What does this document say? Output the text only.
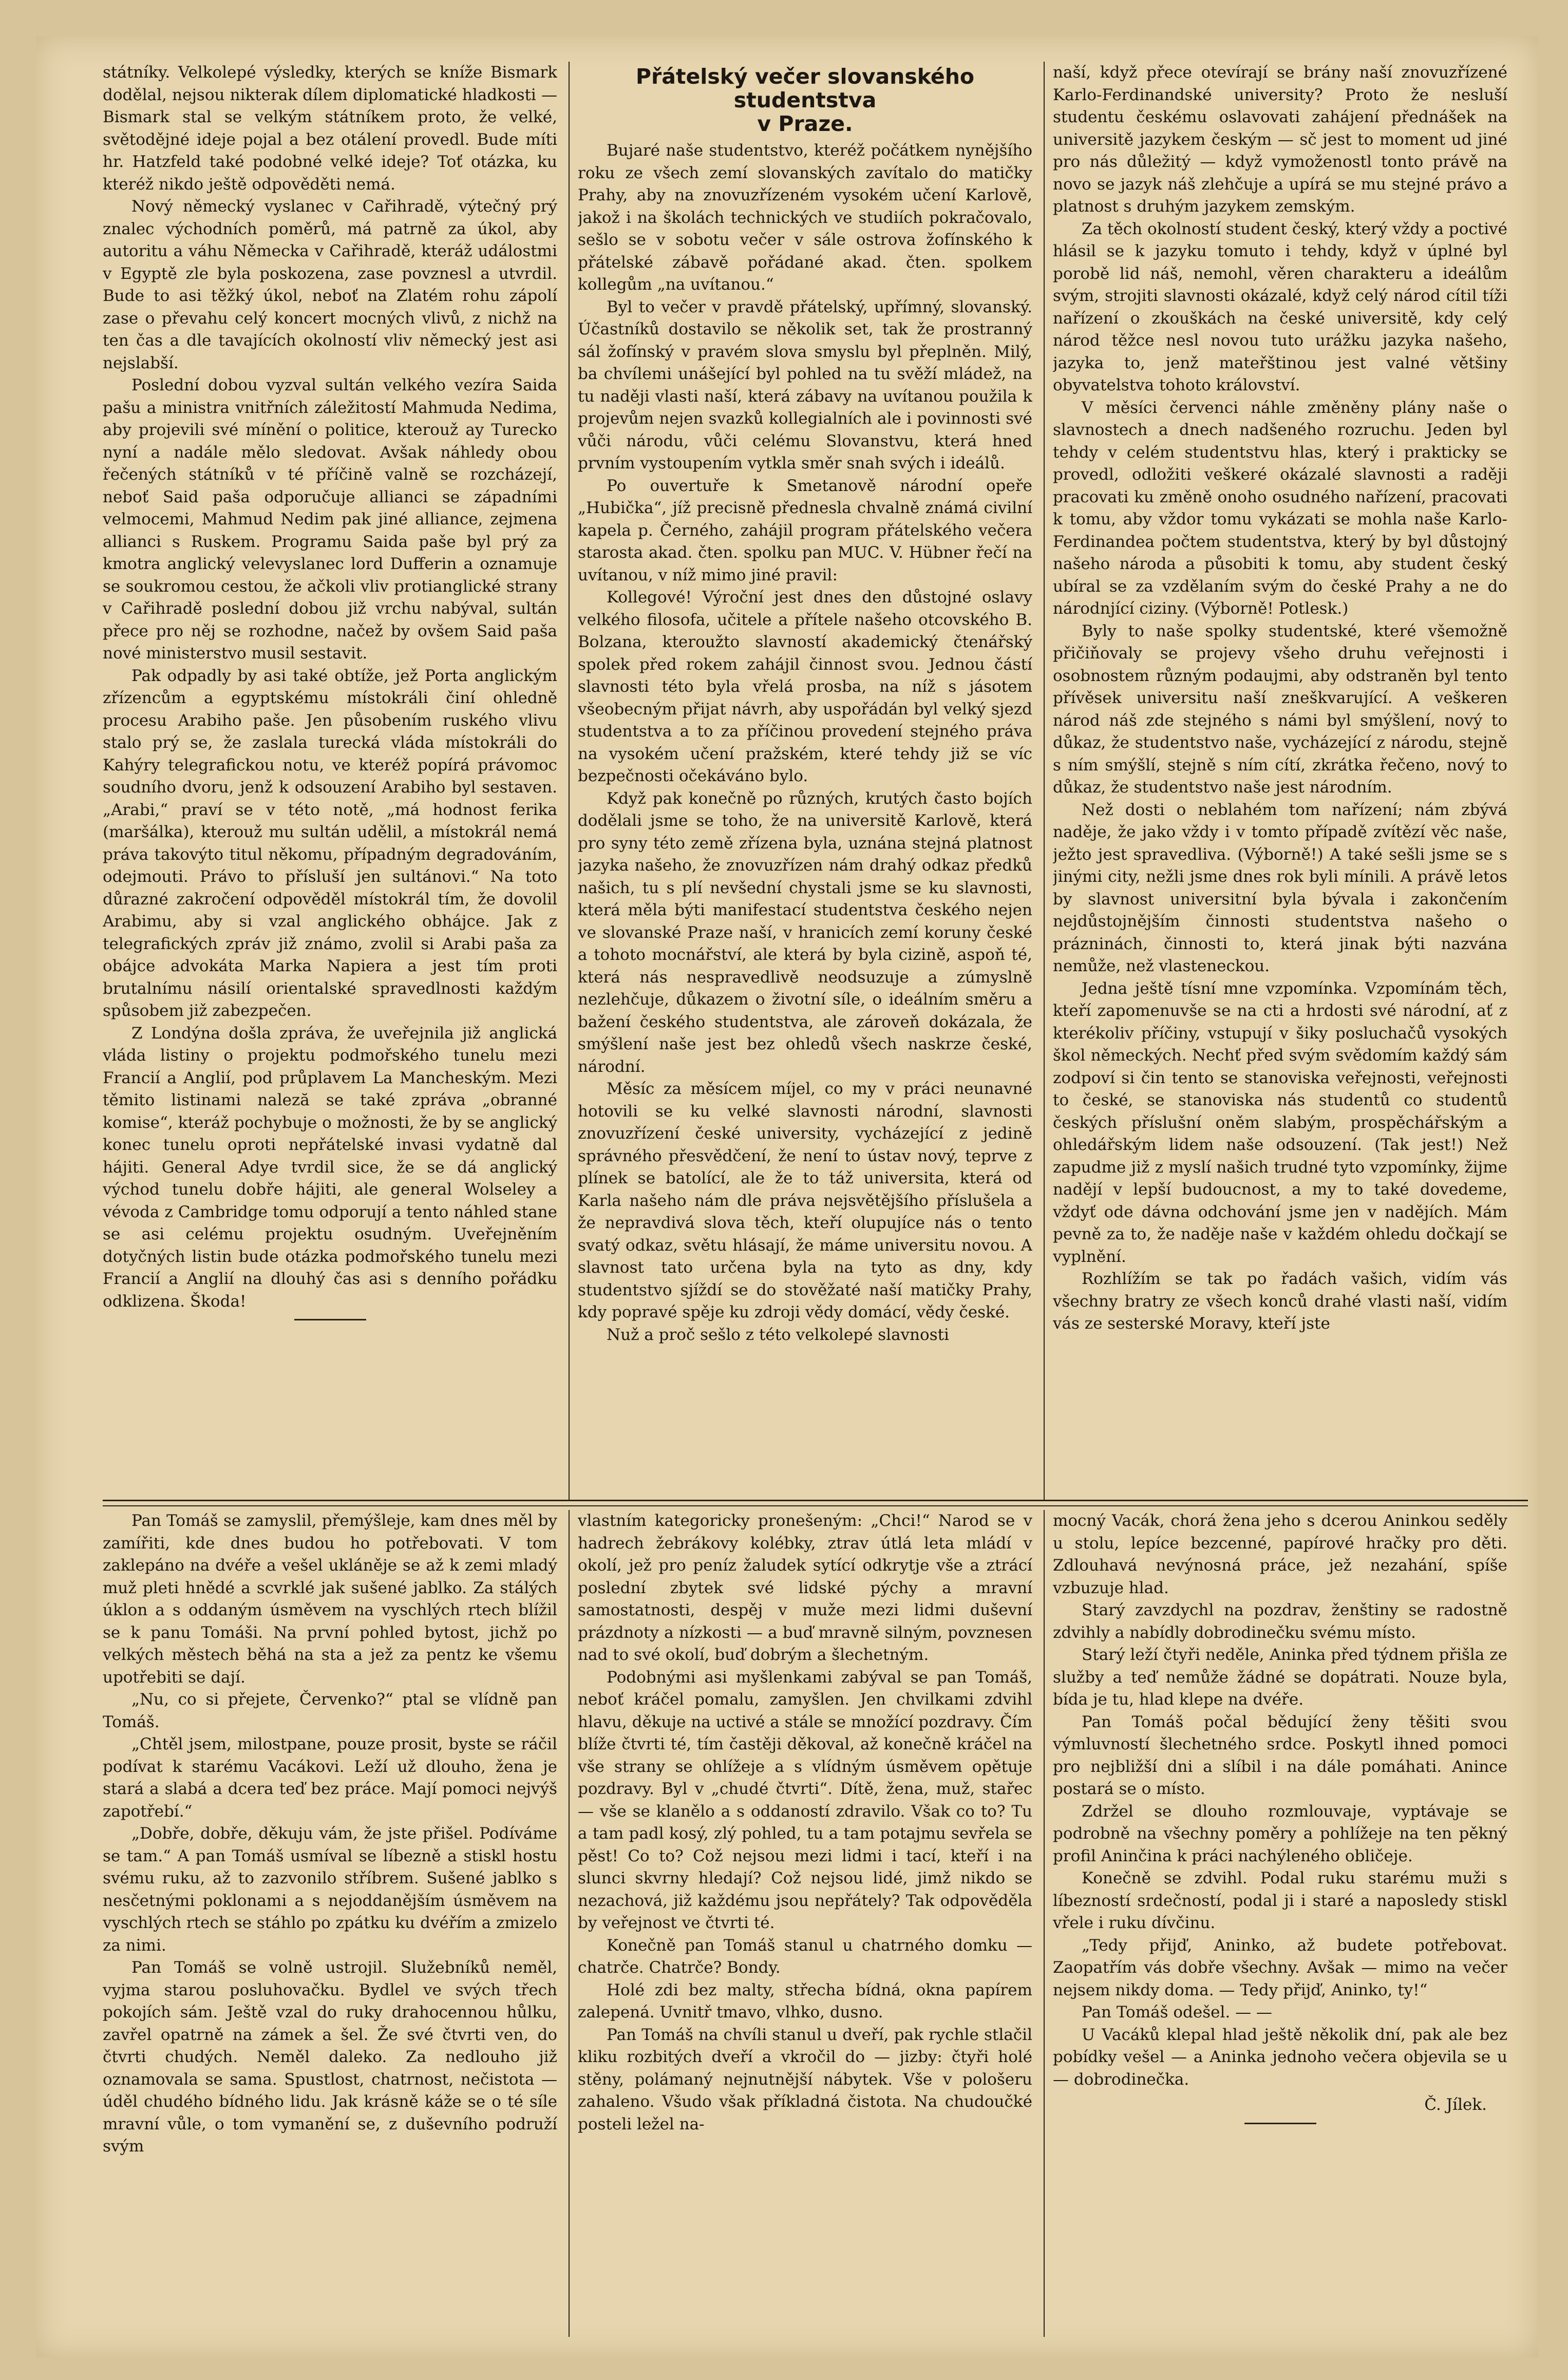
státníky. Velkolepé výsledky, kterých se kníže Bismark dodělal, nejsou nikterak dílem diplomatické hladkosti — Bismark stal se velkým státníkem proto, že velké, světodějné ideje pojal a bez otálení provedl. Bude míti hr. Hatzfeld také podobné velké ideje? Toť otázka, ku kteréž nikdo ještě odpověděti nemá.

Nový německý vyslanec v Cařihradě, výtečný prý znalec východních poměrů, má patrně za úkol, aby autoritu a váhu Německa v Cařihradě, kteráž událostmi v Egyptě zle byla poskozena, zase povznesl a utvrdil. Bude to asi těžký úkol, neboť na Zlatém rohu zápolí zase o převahu celý koncert mocných vlivů, z nichž na ten čas a dle tavajících okolností vliv německý jest asi nejslabší.

Poslední dobou vyzval sultán velkého vezíra Saida pašu a ministra vnitřních záležitostí Mahmuda Nedima, aby projevili své mínění o politice, kterouž ay Turecko nyní a nadále mělo sledovat. Avšak náhledy obou řečených státníků v té příčině valně se rozcházejí, neboť Said paša odporučuje allianci se západními velmocemi, Mahmud Nedim pak jiné alliance, zejmena allianci s Ruskem. Programu Saida paše byl prý za kmotra anglický velevyslanec lord Dufferin a oznamuje se soukromou cestou, že ačkoli vliv protianglické strany v Cařihradě poslední dobou již vrchu nabýval, sultán přece pro něj se rozhodne, načež by ovšem Said paša nové ministerstvo musil sestavit.

Pak odpadly by asi také obtíže, jež Porta anglickým zřízencům a egyptskému místokráli činí ohledně procesu Arabiho paše. Jen působením ruského vlivu stalo prý se, že zaslala turecká vláda místokráli do Kahýry telegrafickou notu, ve kteréž popírá právomoc soudního dvoru, jenž k odsouzení Arabiho byl sestaven. „Arabi,“ praví se v této notě, „má hodnost ferika (maršálka), kterouž mu sultán udělil, a místokrál nemá práva takovýto titul někomu, případným degradováním, odejmouti. Právo to přísluší jen sultánovi.“ Na toto důrazné zakročení odpověděl místokrál tím, že dovolil Arabimu, aby si vzal anglického obhájce. Jak z telegrafických zpráv již známo, zvolil si Arabi paša za obájce advokáta Marka Napiera a jest tím proti brutalnímu násilí orientalské spravedlnosti každým spůsobem již zabezpečen.

Z Londýna došla zpráva, že uveřejnila již anglická vláda listiny o projektu podmořského tunelu mezi Francií a Anglií, pod průplavem La Mancheským. Mezi těmito listinami naleză se také zpráva „obranné komise“, kteráž pochybuje o možnosti, že by se anglický konec tunelu oproti nepřátelské invasi vydatně dal hájiti. General Adye tvrdil sice, že se dá anglický východ tunelu dobře hájiti, ale general Wolseley a vévoda z Cambridge tomu odporují a tento náhled stane se asi celému projektu osudným. Uveřejněním dotyčných listin bude otázka podmořského tunelu mezi Francií a Anglií na dlouhý čas asi s denního pořádku odklizena. Škoda!

Přátelský večer slovanského studentstva
v Praze.

Bujaré naše studentstvo, kteréž počátkem nynějšího roku ze všech zemí slovanských zavítalo do matičky Prahy, aby na znovuzřízeném vysokém učení Karlově, jakož i na školách technických ve studiích pokračovalo, sešlo se v sobotu večer v sále ostrova žofínského k přátelské zábavě pořádané akad. čten. spolkem kollegům „na uvítanou.“

Byl to večer v pravdě přátelský, upřímný, slovanský. Účastníků dostavilo se několik set, tak že prostranný sál žofínský v pravém slova smyslu byl přeplněn. Milý, ba chvílemi unášející byl pohled na tu svěží mládež, na tu naději vlasti naší, která zábavy na uvítanou použila k projevům nejen svazků kollegialních ale i povinnosti své vůči národu, vůči celému Slovanstvu, která hned prvním vystoupením vytkla směr snah svých i ideálů.

Po ouvertuře k Smetanově národní opeře „Hubička“, jíž precisně přednesla chvalně známá civilní kapela p. Černého, zahájil program přátelského večera starosta akad. čten. spolku pan MUC. V. Hübner řečí na uvítanou, v níž mimo jiné pravil:

Kollegové! Výroční jest dnes den důstojné oslavy velkého filosofa, učitele a přítele našeho otcovského B. Bolzana, kteroužto slavností akademický čtenářský spolek před rokem zahájil činnost svou. Jednou částí slavnosti této byla vřelá prosba, na níž s jásotem všeobecným přijat návrh, aby uspořádán byl velký sjezd studentstva a to za příčinou provedení stejného práva na vysokém učení pražském, které tehdy již se víc bezpečnosti očekáváno bylo.

Když pak konečně po různých, krutých často bojích dodělali jsme se toho, že na universitě Karlově, která pro syny této země zřízena byla, uznána stejná platnost jazyka našeho, že znovuzřízen nám drahý odkaz předků našich, tu s plí nevšední chystali jsme se ku slavnosti, která měla býti manifestací studentstva českého nejen ve slovanské Praze naší, v hranicích zemí koruny české a tohoto mocnářství, ale která by byla cizině, aspoň té, která nás nespravedlivě neodsuzuje a zúmyslně nezlehčuje, důkazem o životní síle, o ideálním směru a bažení českého studentstva, ale zároveň dokázala, že smýšlení naše jest bez ohledů všech naskrze české, národní.

Měsíc za měsícem míjel, co my v práci neunavné hotovili se ku velké slavnosti národní, slavnosti znovuzřízení české university, vycházející z jedině správného přesvědčení, že není to ústav nový, teprve z plínek se batolící, ale že to táž universita, která od Karla našeho nám dle práva nejsvětějšího příslušela a že nepravdivá slova těch, kteří olupujíce nás o tento svatý odkaz, světu hlásají, že máme universitu novou. A slavnost tato určena byla na tyto as dny, kdy studentstvo sjíždí se do stověžaté naší matičky Prahy, kdy popravé spěje ku zdroji vědy domácí, vědy české.

Nuž a proč sešlo z této velkolepé slavnosti

naší, když přece otevírají se brány naší znovuzřízené Karlo-Ferdinandské university? Proto že nesluší studentu českému oslavovati zahájení přednášek na universitě jazykem českým — sč jest to moment ud jiné pro nás důležitý — když vymoženostl tonto právě na novo se jazyk náš zlehčuje a upírá se mu stejné právo a platnost s druhým jazykem zemským.

Za těch okolností student český, který vždy a poctivé hlásil se k jazyku tomuto i tehdy, když v úplné byl porobě lid náš, nemohl, věren charakteru a ideálům svým, strojiti slavnosti okázalé, když celý národ cítil tíži nařízení o zkouškách na české universitě, kdy celý národ těžce nesl novou tuto urážku jazyka našeho, jazyka to, jenž mateřštinou jest valné většiny obyvatelstva tohoto království.

V měsíci červenci náhle změněny plány naše o slavnostech a dnech nadšeného rozruchu. Jeden byl tehdy v celém studentstvu hlas, který i prakticky se provedl, odložiti veškeré okázalé slavnosti a raději pracovati ku změně onoho osudného nařízení, pracovati k tomu, aby vždor tomu vykázati se mohla naše Karlo-Ferdinandea počtem studentstva, který by byl důstojný našeho národa a působiti k tomu, aby student český ubíral se za vzdělaním svým do české Prahy a ne do národnjící ciziny. (Výborně! Potlesk.)

Byly to naše spolky studentské, které všemožně přičiňovaly se projevy všeho druhu veřejnosti i osobnostem různým podaujmi, aby odstraněn byl tento přívěsek universitu naší zneškvarující. A veškeren národ náš zde stejného s námi byl smýšlení, nový to důkaz, že studentstvo naše, vycházející z národu, stejně s ním smýšlí, stejně s ním cítí, zkrátka řečeno, nový to důkaz, že studentstvo naše jest národním.

Než dosti o neblahém tom nařízení; nám zbývá naděje, že jako vždy i v tomto případě zvítězí věc naše, ježto jest spravedliva. (Výborně!) A také sešli jsme se s jinými city, nežli jsme dnes rok byli mínili. A právě letos by slavnost universitní byla bývala i zakončením nejdůstojnějším činnosti studentstva našeho o prázninách, činnosti to, která jinak býti nazvána nemůže, než vlasteneckou.

Jedna ještě tísní mne vzpomínka. Vzpomínám těch, kteří zapomenuvše se na cti a hrdosti své národní, ať z kterékoliv příčiny, vstupují v šiky posluchačů vysokých škol německých. Nechť před svým svědomím každý sám zodpoví si čin tento se stanoviska veřejnosti, veřejnosti to české, se stanoviska nás studentů co studentů českých příslušní oněm slabým, prospěchářským a ohledářským lidem naše odsouzení. (Tak jest!) Než zapudme již z myslí našich trudné tyto vzpomínky, žijme nadějí v lepší budoucnost, a my to také dovedeme, vždyť ode dávna odchování jsme jen v nadějích. Mám pevně za to, že naděje naše v každém ohledu dočkají se vyplnění.

Rozhlížím se tak po řadách vašich, vidím vás všechny bratry ze všech konců drahé vlasti naší, vidím vás ze sesterské Moravy, kteří jste

Pan Tomáš se zamyslil, přemýšleje, kam dnes měl by zamířiti, kde dnes budou ho potřebovati. V tom zaklepáno na dvéře a vešel ukláněje se až k zemi mladý muž pleti hnědé a scvrklé jak sušené jablko. Za stálých úklon a s oddaným úsměvem na vyschlých rtech blížil se k panu Tomáši. Na první pohled bytost, jichž po velkých městech běhá na sta a jež za pentz ke všemu upotřebiti se dají.

„Nu, co si přejete, Červenko?“ ptal se vlídně pan Tomáš.

„Chtěl jsem, milostpane, pouze prosit, byste se ráčil podívat k starému Vacákovi. Leží už dlouho, žena je stará a slabá a dcera teď bez práce. Mají pomoci nejvýš zapotřebí.“

„Dobře, dobře, děkuju vám, že jste přišel. Podíváme se tam.“ A pan Tomáš usmíval se líbezně a stiskl hostu svému ruku, až to zazvonilo stříbrem. Sušené jablko s nesčetnými poklonami a s nejoddanějším úsměvem na vyschlých rtech se stáhlo po zpátku ku dvéřím a zmizelo za nimi.

Pan Tomáš se volně ustrojil. Služebníků neměl, vyjma starou posluhovačku. Bydlel ve svých třech pokojích sám. Ještě vzal do ruky drahocennou hůlku, zavřel opatrně na zámek a šel. Že své čtvrti ven, do čtvrti chudých. Neměl daleko. Za nedlouho již oznamovala se sama. Spustlost, chatrnost, nečistota — úděl chudého bídného lidu. Jak krásně káže se o té síle mravní vůle, o tom vymanění se, z duševního podruží svým

vlastním kategoricky pronešeným: „Chci!“ Narod se v hadrech žebrákovy kolébky, ztrav útlá leta mládí v okolí, jež pro peníz žaludek sytící odkrytje vše a ztrácí poslední zbytek své lidské pýchy a mravní samostatnosti, despěj v muže mezi lidmi duševní prázdnoty a nízkosti — a buď mravně silným, povznesen nad to své okolí, buď dobrým a šlechetným.

Podobnými asi myšlenkami zabýval se pan Tomáš, neboť kráčel pomalu, zamyšlen. Jen chvilkami zdvihl hlavu, děkuje na uctivé a stále se množící pozdravy. Čím blíže čtvrti té, tím častěji děkoval, až konečně kráčel na vše strany se ohlížeje a s vlídným úsměvem opětuje pozdravy. Byl v „chudé čtvrti“. Dítě, žena, muž, stařec — vše se klanělo a s oddaností zdravilo. Však co to? Tu a tam padl kosý, zlý pohled, tu a tam potajmu sevřela se pěst! Co to? Což nejsou mezi lidmi i tací, kteří i na slunci skvrny hledají? Což nejsou lidé, jimž nikdo se nezachová, již každému jsou nepřátely? Tak odpověděla by veřejnost ve čtvrti té.

Konečně pan Tomáš stanul u chatrného domku — chatrče. Chatrče? Bondy.

Holé zdi bez malty, střecha bídná, okna papírem zalepená. Uvnitř tmavo, vlhko, dusno.

Pan Tomáš na chvíli stanul u dveří, pak rychle stlačil kliku rozbitých dveří a vkročil do — jizby: čtyři holé stěny, polámaný nejnutnější nábytek. Vše v pološeru zahaleno. Všudo však příkladná čistota. Na chudoučké posteli ležel na-

mocný Vacák, chorá žena jeho s dcerou Aninkou seděly u stolu, lepíce bezcenné, papírové hračky pro děti. Zdlouhavá nevýnosná práce, jež nezahání, spíše vzbuzuje hlad.

Starý zavzdychl na pozdrav, ženštiny se radostně zdvihly a nabídly dobrodinečku svému místo.

Starý leží čtyři neděle, Aninka před týdnem přišla ze služby a teď nemůže žádné se dopátrati. Nouze byla, bída je tu, hlad klepe na dvéře.

Pan Tomáš počal bědující ženy těšiti svou výmluvností šlechetného srdce. Poskytl ihned pomoci pro nejbližší dni a slíbil i na dále pomáhati. Anince postará se o místo.

Zdržel se dlouho rozmlouvaje, vyptávaje se podrobně na všechny poměry a pohlížeje na ten pěkný profil Aninčina k práci nachýleného obličeje.

Konečně se zdvihl. Podal ruku starému muži s líbezností srdečností, podal ji i staré a naposledy stiskl vřele i ruku dívčinu.

„Tedy přijď, Aninko, až budete potřebovat. Zaopatřím vás dobře všechny. Avšak — mimo na večer nejsem nikdy doma. — Tedy přijď, Aninko, ty!“

Pan Tomáš odešel. — —

U Vacáků klepal hlad ještě několik dní, pak ale bez pobídky vešel — a Aninka jednoho večera objevila se u — dobrodinečka.

Č. Jílek.
